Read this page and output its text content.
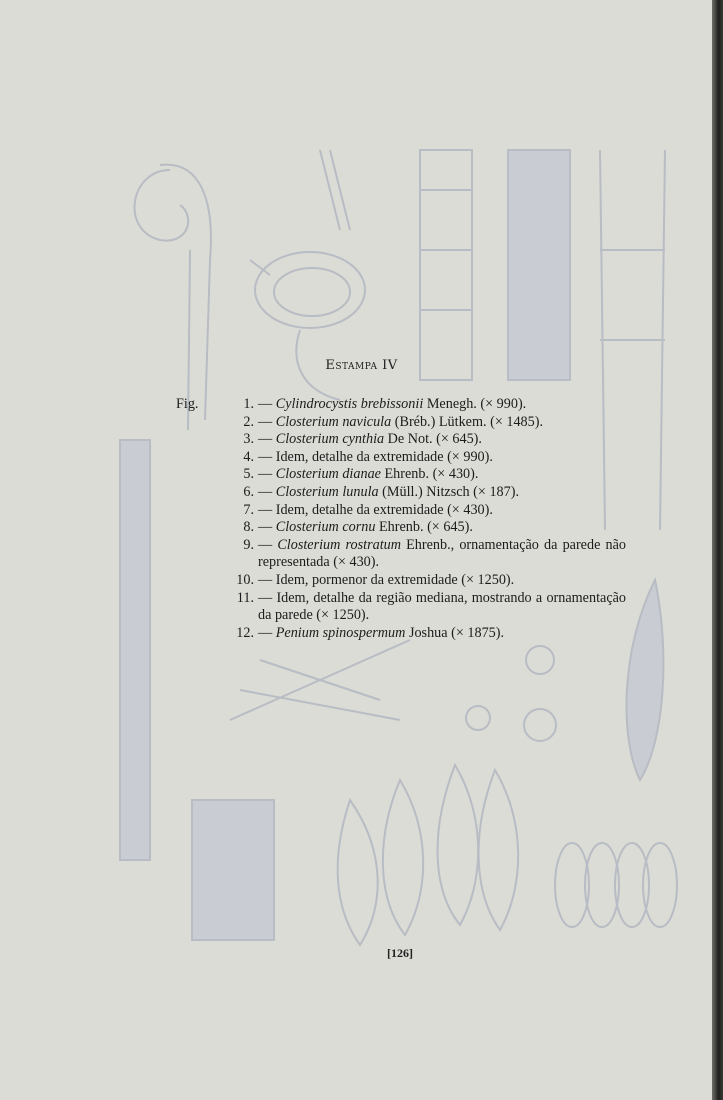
Estampa IV
Fig.	1. — Cylindrocystis brebissonii Menegh. (× 990).
2. — Closterium navicula (Bréb.) Lütkem. (× 1485).
3. — Closterium cynthia De Not. (× 645).
4. — Idem, detalhe da extremidade (× 990).
5. — Closterium dianae Ehrenb. (× 430).
6. — Closterium lunula (Müll.) Nitzsch (× 187).
7. — Idem, detalhe da extremidade (× 430).
8. — Closterium cornu Ehrenb. (× 645).
9. — Closterium rostratum Ehrenb., ornamentação da parede não representada (× 430).
10. — Idem, pormenor da extremidade (× 1250).
11. — Idem, detalhe da região mediana, mostrando a ornamentação da parede (× 1250).
12. — Penium spinospermum Joshua (× 1875).
[126]
